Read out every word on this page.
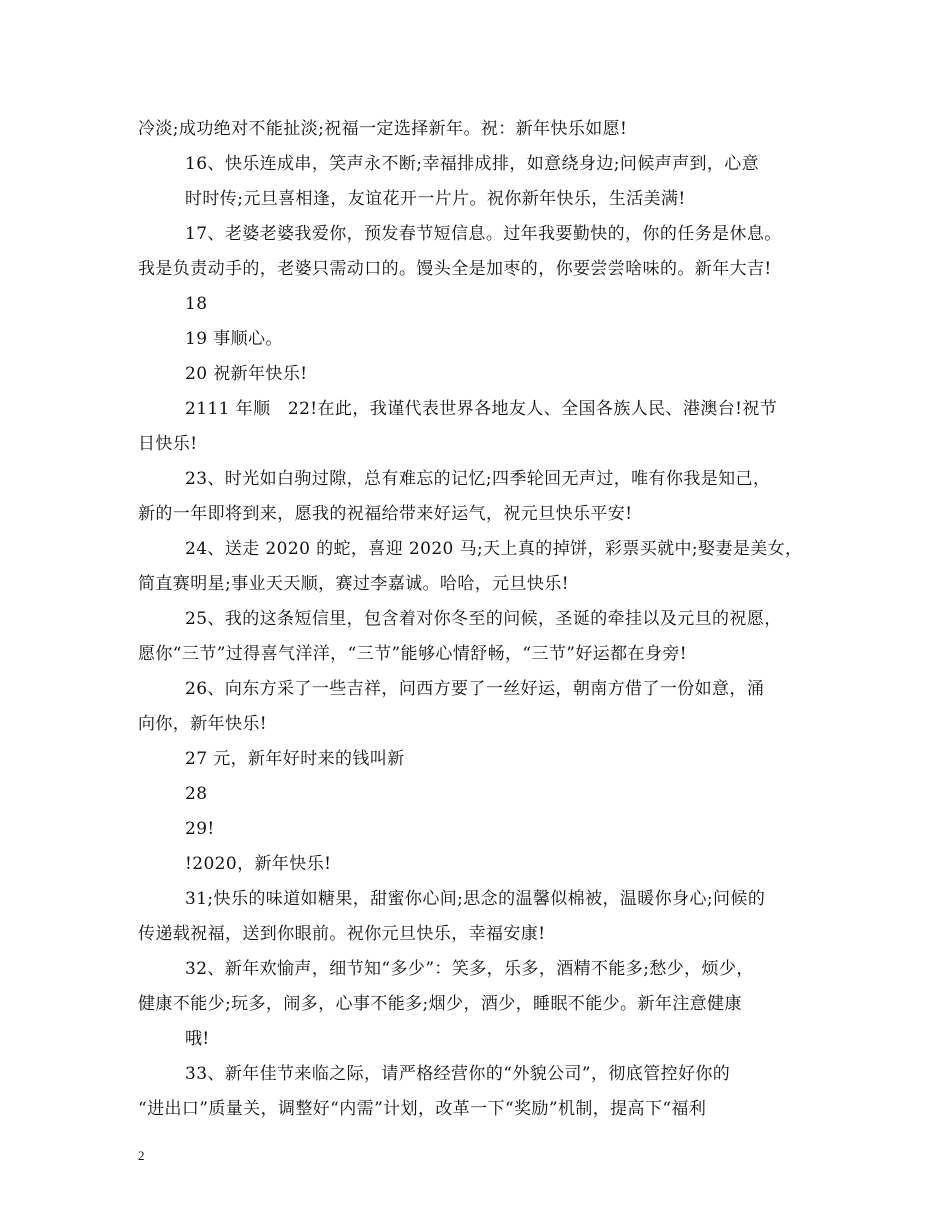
冷淡;成功绝对不能扯淡;祝福一定选择新年。祝：新年快乐如愿!
16、快乐连成串，笑声永不断;幸福排成排，如意绕身边;问候声声到，心意
时时传;元旦喜相逢，友谊花开一片片。祝你新年快乐，生活美满!
17、老婆老婆我爱你，预发春节短信息。过年我要勤快的，你的任务是休息。
我是负责动手的，老婆只需动口的。馒头全是加枣的，你要尝尝啥味的。新年大吉!
18
19 事顺心。
20 祝新年快乐!
2111 年顺　22!在此，我谨代表世界各地友人、全国各族人民、港澳台!祝节
日快乐!
23、时光如白驹过隙，总有难忘的记忆;四季轮回无声过，唯有你我是知己，
新的一年即将到来，愿我的祝福给带来好运气，祝元旦快乐平安!
24、送走 2020 的蛇，喜迎 2020 马;天上真的掉饼，彩票买就中;娶妻是美女，
简直赛明星;事业天天顺，赛过李嘉诚。哈哈，元旦快乐!
25、我的这条短信里，包含着对你冬至的问候，圣诞的牵挂以及元旦的祝愿，
愿你“三节”过得喜气洋洋，“三节”能够心情舒畅，“三节”好运都在身旁!
26、向东方采了一些吉祥，问西方要了一丝好运，朝南方借了一份如意，涌
向你，新年快乐!
27 元，新年好时来的钱叫新
28
29!
!2020，新年快乐!
31;快乐的味道如糖果，甜蜜你心间;思念的温馨似棉被，温暖你身心;问候的
传递载祝福，送到你眼前。祝你元旦快乐，幸福安康!
32、新年欢愉声，细节知“多少”：笑多，乐多，酒精不能多;愁少，烦少，
健康不能少;玩多，闹多，心事不能多;烟少，酒少，睡眠不能少。新年注意健康
哦!
33、新年佳节来临之际，请严格经营你的“外貌公司”，彻底管控好你的
“进出口”质量关，调整好“内需”计划，改革一下“奖励”机制，提高下“福利
2
